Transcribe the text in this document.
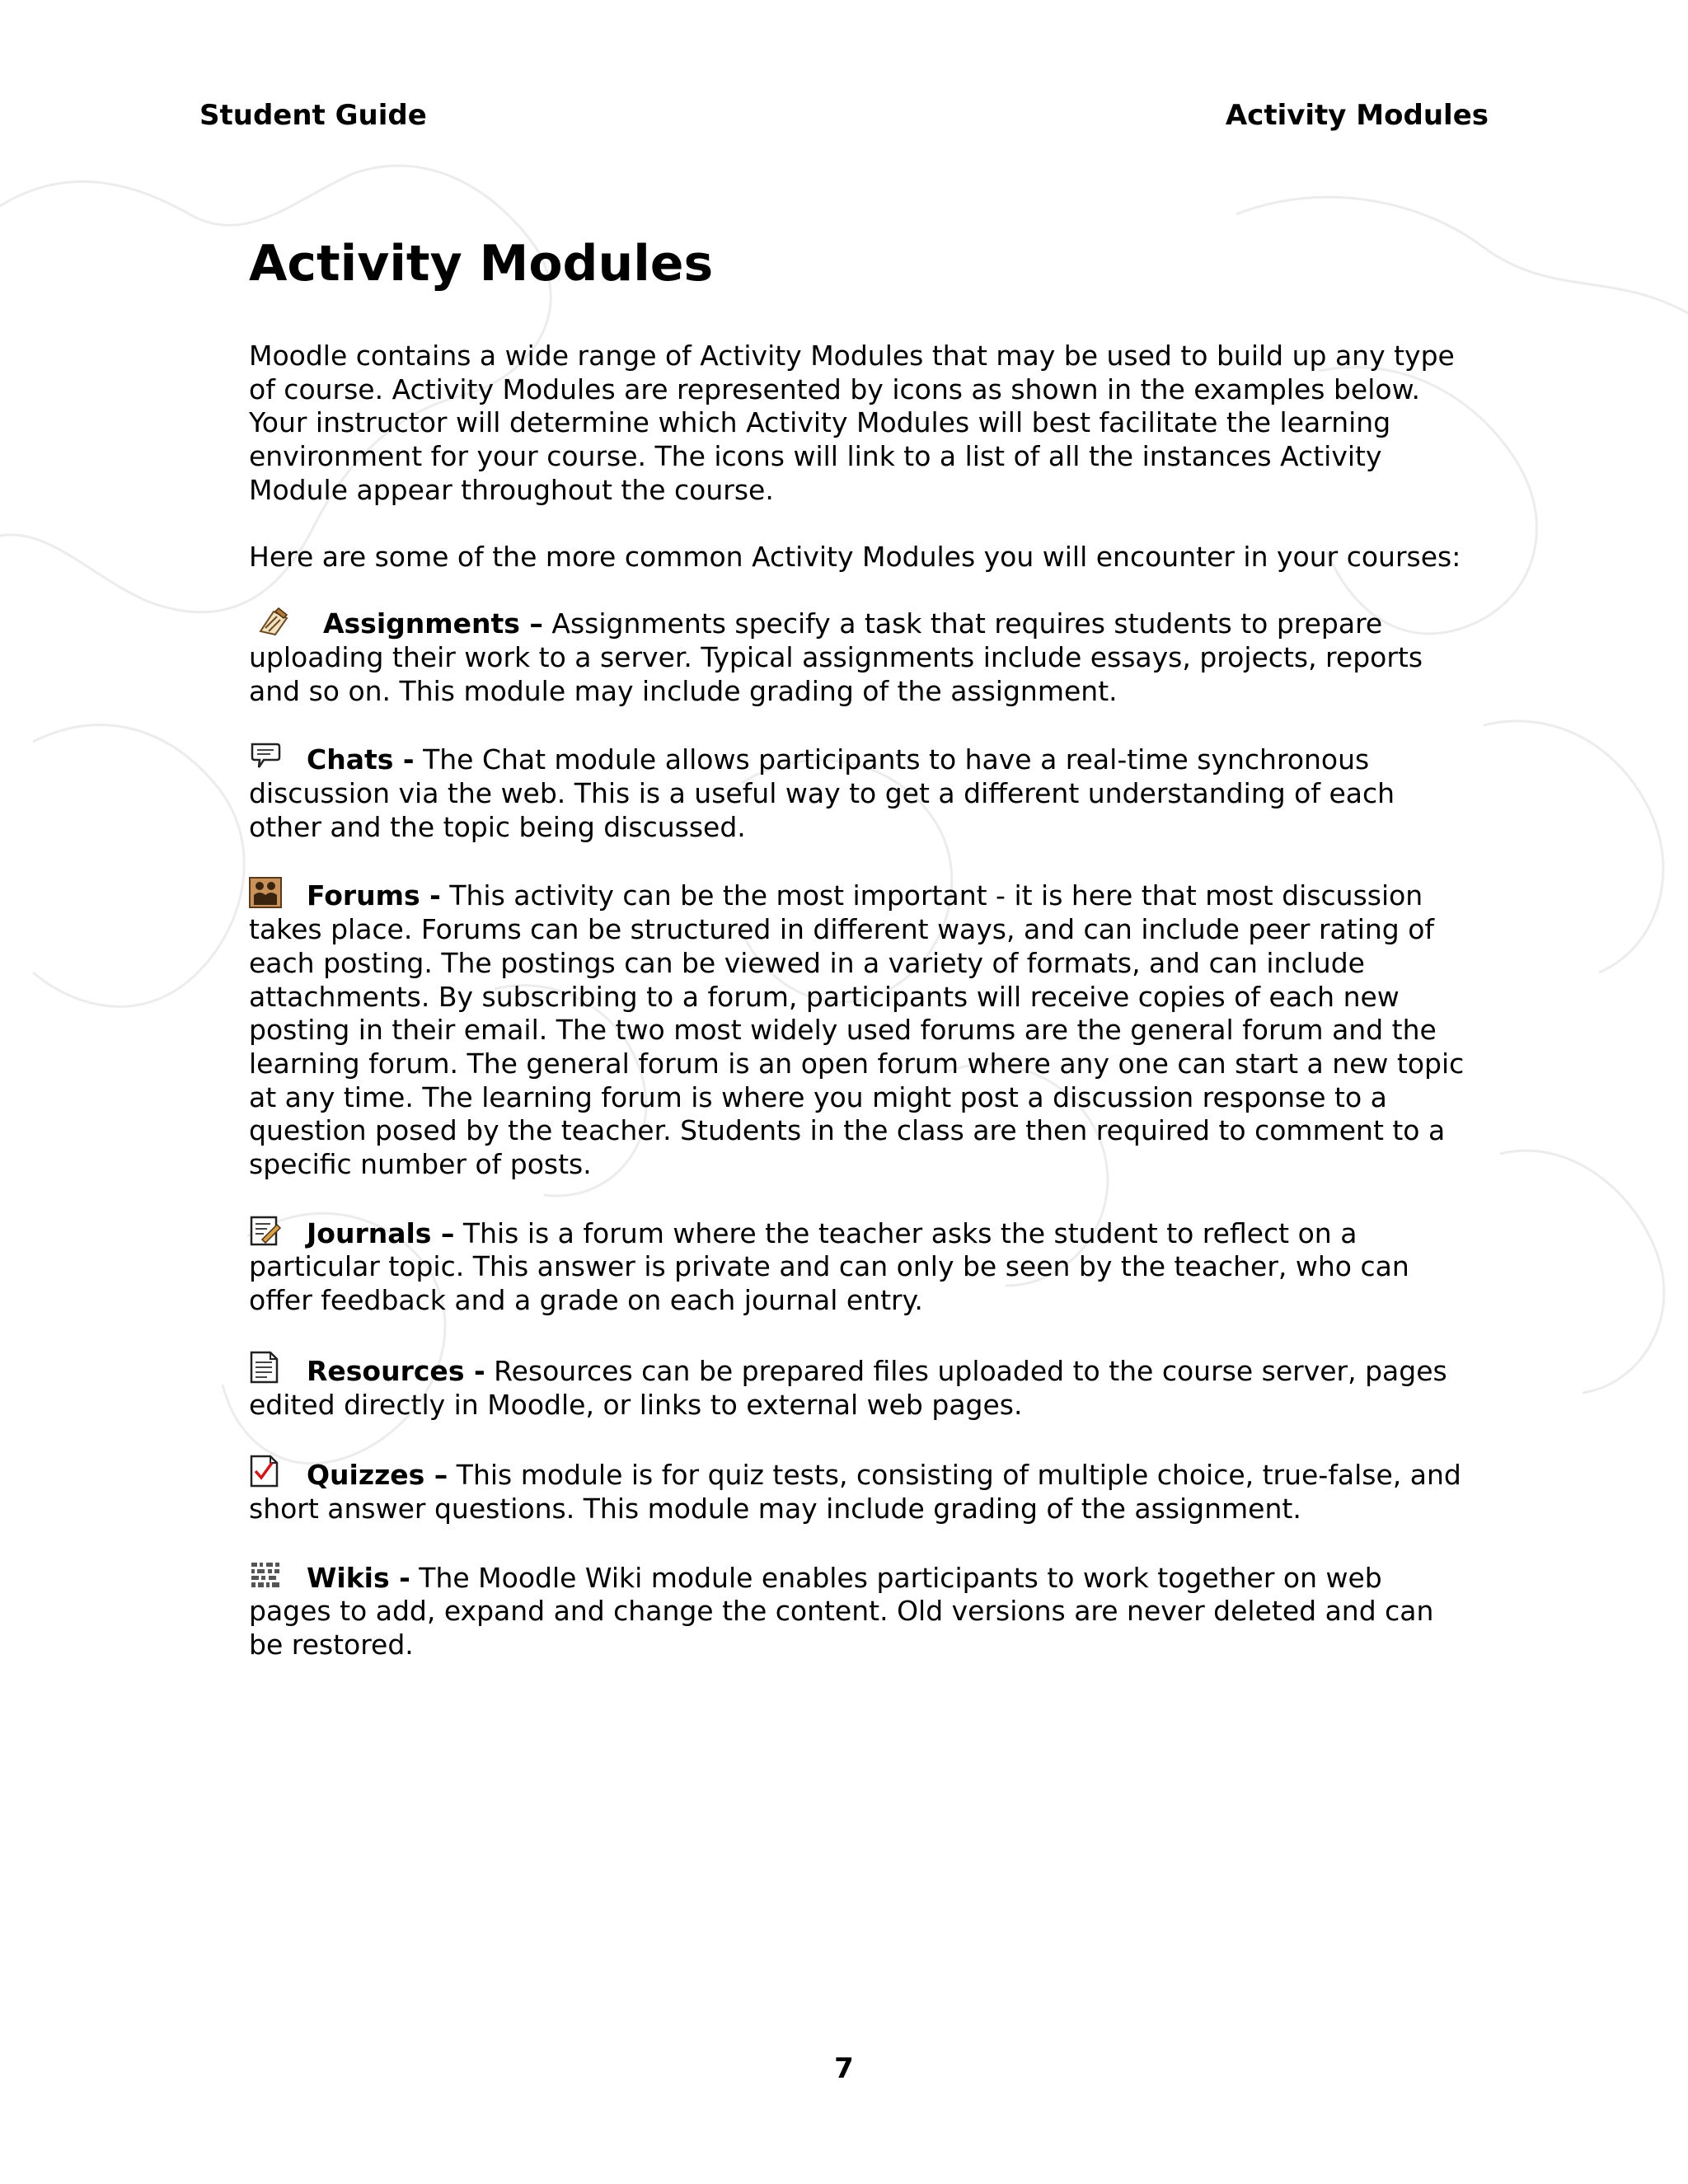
Student Guide	Activity Modules
Activity Modules

Moodle contains a wide range of Activity Modules that may be used to build up any type of course. Activity Modules are represented by icons as shown in the examples below. Your instructor will determine which Activity Modules will best facilitate the learning environment for your course. The icons will link to a list of all the instances Activity Module appear throughout the course.

Here are some of the more common Activity Modules you will encounter in your courses:

Assignments – Assignments specify a task that requires students to prepare uploading their work to a server. Typical assignments include essays, projects, reports and so on. This module may include grading of the assignment.

Chats - The Chat module allows participants to have a real-time synchronous discussion via the web. This is a useful way to get a different understanding of each other and the topic being discussed.

Forums - This activity can be the most important - it is here that most discussion takes place. Forums can be structured in different ways, and can include peer rating of each posting. The postings can be viewed in a variety of formats, and can include attachments. By subscribing to a forum, participants will receive copies of each new posting in their email. The two most widely used forums are the general forum and the learning forum. The general forum is an open forum where any one can start a new topic at any time. The learning forum is where you might post a discussion response to a question posed by the teacher. Students in the class are then required to comment to a specific number of posts.

Journals – This is a forum where the teacher asks the student to reflect on a particular topic. This answer is private and can only be seen by the teacher, who can offer feedback and a grade on each journal entry.

Resources - Resources can be prepared files uploaded to the course server, pages edited directly in Moodle, or links to external web pages.

Quizzes – This module is for quiz tests, consisting of multiple choice, true-false, and short answer questions. This module may include grading of the assignment.

Wikis - The Moodle Wiki module enables participants to work together on web pages to add, expand and change the content. Old versions are never deleted and can be restored.

7
